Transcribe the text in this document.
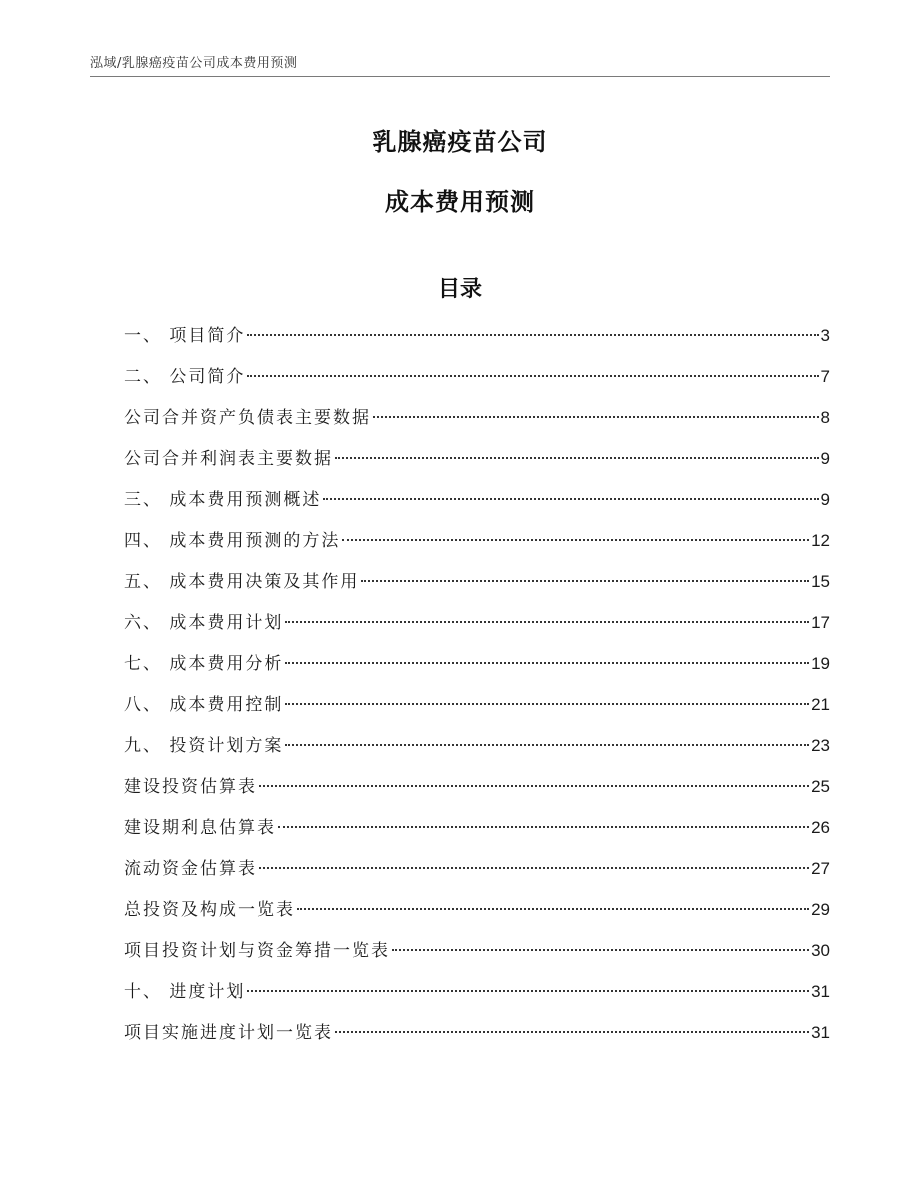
泓域/乳腺癌疫苗公司成本费用预测
乳腺癌疫苗公司
成本费用预测
目录
一、 项目简介	3
二、 公司简介	7
公司合并资产负债表主要数据	8
公司合并利润表主要数据	9
三、 成本费用预测概述	9
四、 成本费用预测的方法	12
五、 成本费用决策及其作用	15
六、 成本费用计划	17
七、 成本费用分析	19
八、 成本费用控制	21
九、 投资计划方案	23
建设投资估算表	25
建设期利息估算表	26
流动资金估算表	27
总投资及构成一览表	29
项目投资计划与资金筹措一览表	30
十、 进度计划	31
项目实施进度计划一览表	31
